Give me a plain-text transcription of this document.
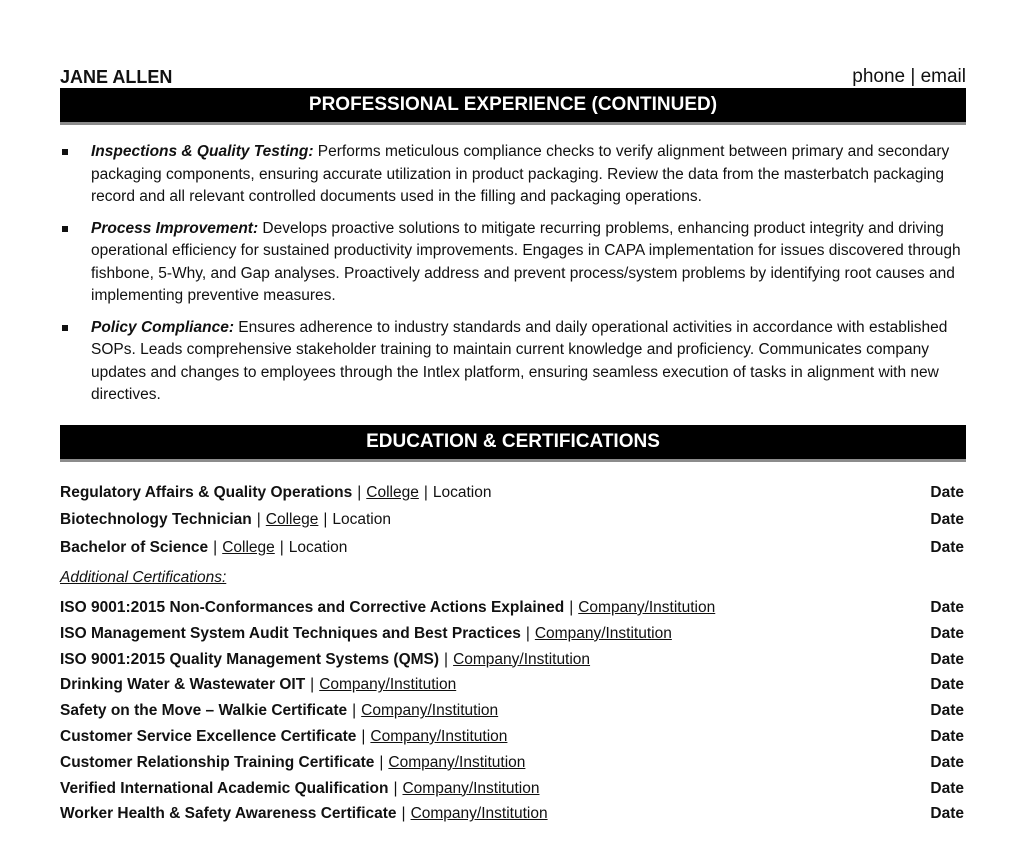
JANE ALLEN	phone | email
PROFESSIONAL EXPERIENCE (CONTINUED)
Inspections & Quality Testing: Performs meticulous compliance checks to verify alignment between primary and secondary packaging components, ensuring accurate utilization in product packaging. Review the data from the masterbatch packaging record and all relevant controlled documents used in the filling and packaging operations.
Process Improvement: Develops proactive solutions to mitigate recurring problems, enhancing product integrity and driving operational efficiency for sustained productivity improvements. Engages in CAPA implementation for issues discovered through fishbone, 5-Why, and Gap analyses. Proactively address and prevent process/system problems by identifying root causes and implementing preventive measures.
Policy Compliance: Ensures adherence to industry standards and daily operational activities in accordance with established SOPs. Leads comprehensive stakeholder training to maintain current knowledge and proficiency. Communicates company updates and changes to employees through the Intlex platform, ensuring seamless execution of tasks in alignment with new directives.
EDUCATION & CERTIFICATIONS
Regulatory Affairs & Quality Operations | College | Location	Date
Biotechnology Technician | College | Location	Date
Bachelor of Science | College | Location	Date
Additional Certifications:
ISO 9001:2015 Non-Conformances and Corrective Actions Explained | Company/Institution	Date
ISO Management System Audit Techniques and Best Practices | Company/Institution	Date
ISO 9001:2015 Quality Management Systems (QMS) | Company/Institution	Date
Drinking Water & Wastewater OIT | Company/Institution	Date
Safety on the Move – Walkie Certificate | Company/Institution	Date
Customer Service Excellence Certificate | Company/Institution	Date
Customer Relationship Training Certificate | Company/Institution	Date
Verified International Academic Qualification | Company/Institution	Date
Worker Health & Safety Awareness Certificate | Company/Institution	Date
